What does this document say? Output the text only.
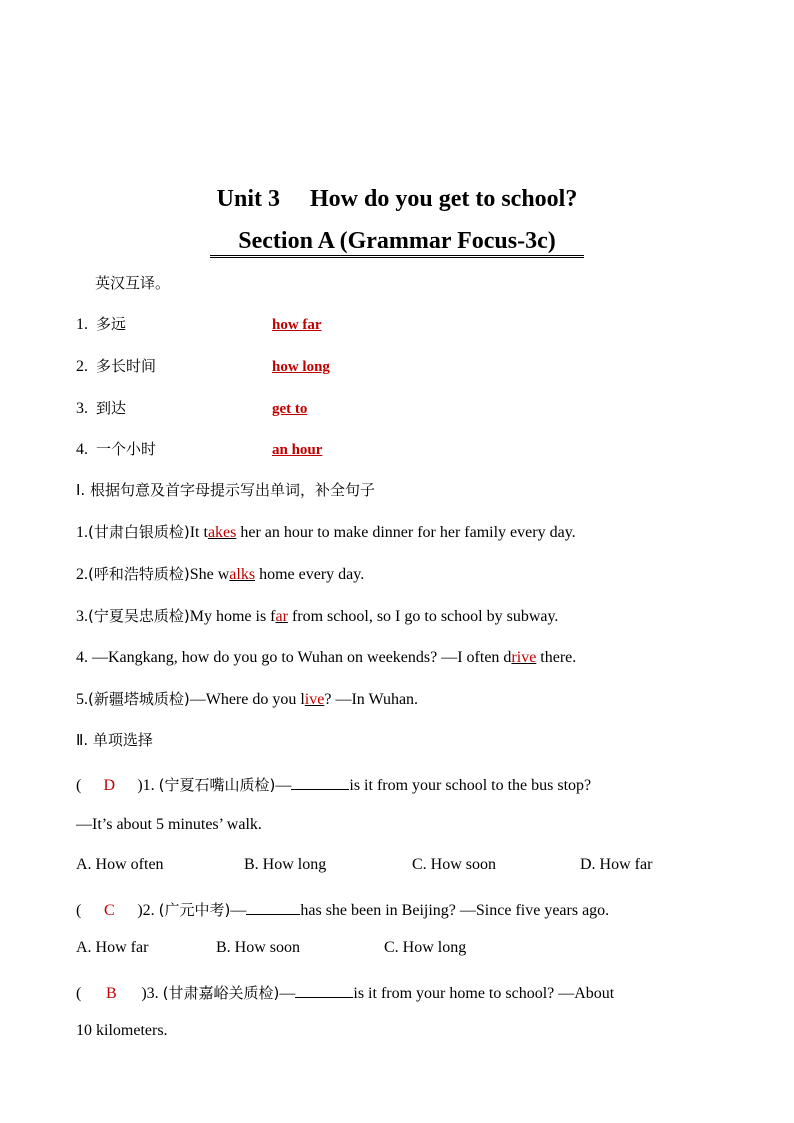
Unit 3 How do you get to school?
Section A (Grammar Focus-3c)
英汉互译。
1. 多远	how far
2. 多长时间	how long
3. 到达	get to
4. 一个小时	an hour
Ⅰ. 根据句意及首字母提示写出单词，补全句子
1.(甘肃白银质检)It takes her an hour to make dinner for her family every day.
2.(呼和浩特质检)She walks home every day.
3.(宁夏吴忠质检)My home is far from school, so I go to school by subway.
4. —Kangkang, how do you go to Wuhan on weekends? —I often drive there.
5.(新疆塔城质检)—Where do you live? —In Wuhan.
Ⅱ. 单项选择
( D )1. (宁夏石嘴山质检)—	is it from your school to the bus stop?
—It’s about 5 minutes’ walk.
A. How often	B. How long	C. How soon	D. How far
( C )2. (广元中考)—	has she been in Beijing? —Since five years ago.
A. How far	B. How soon	C. How long
( B )3. (甘肃嘉峪关质检)—	is it from your home to school? —About
10 kilometers.
